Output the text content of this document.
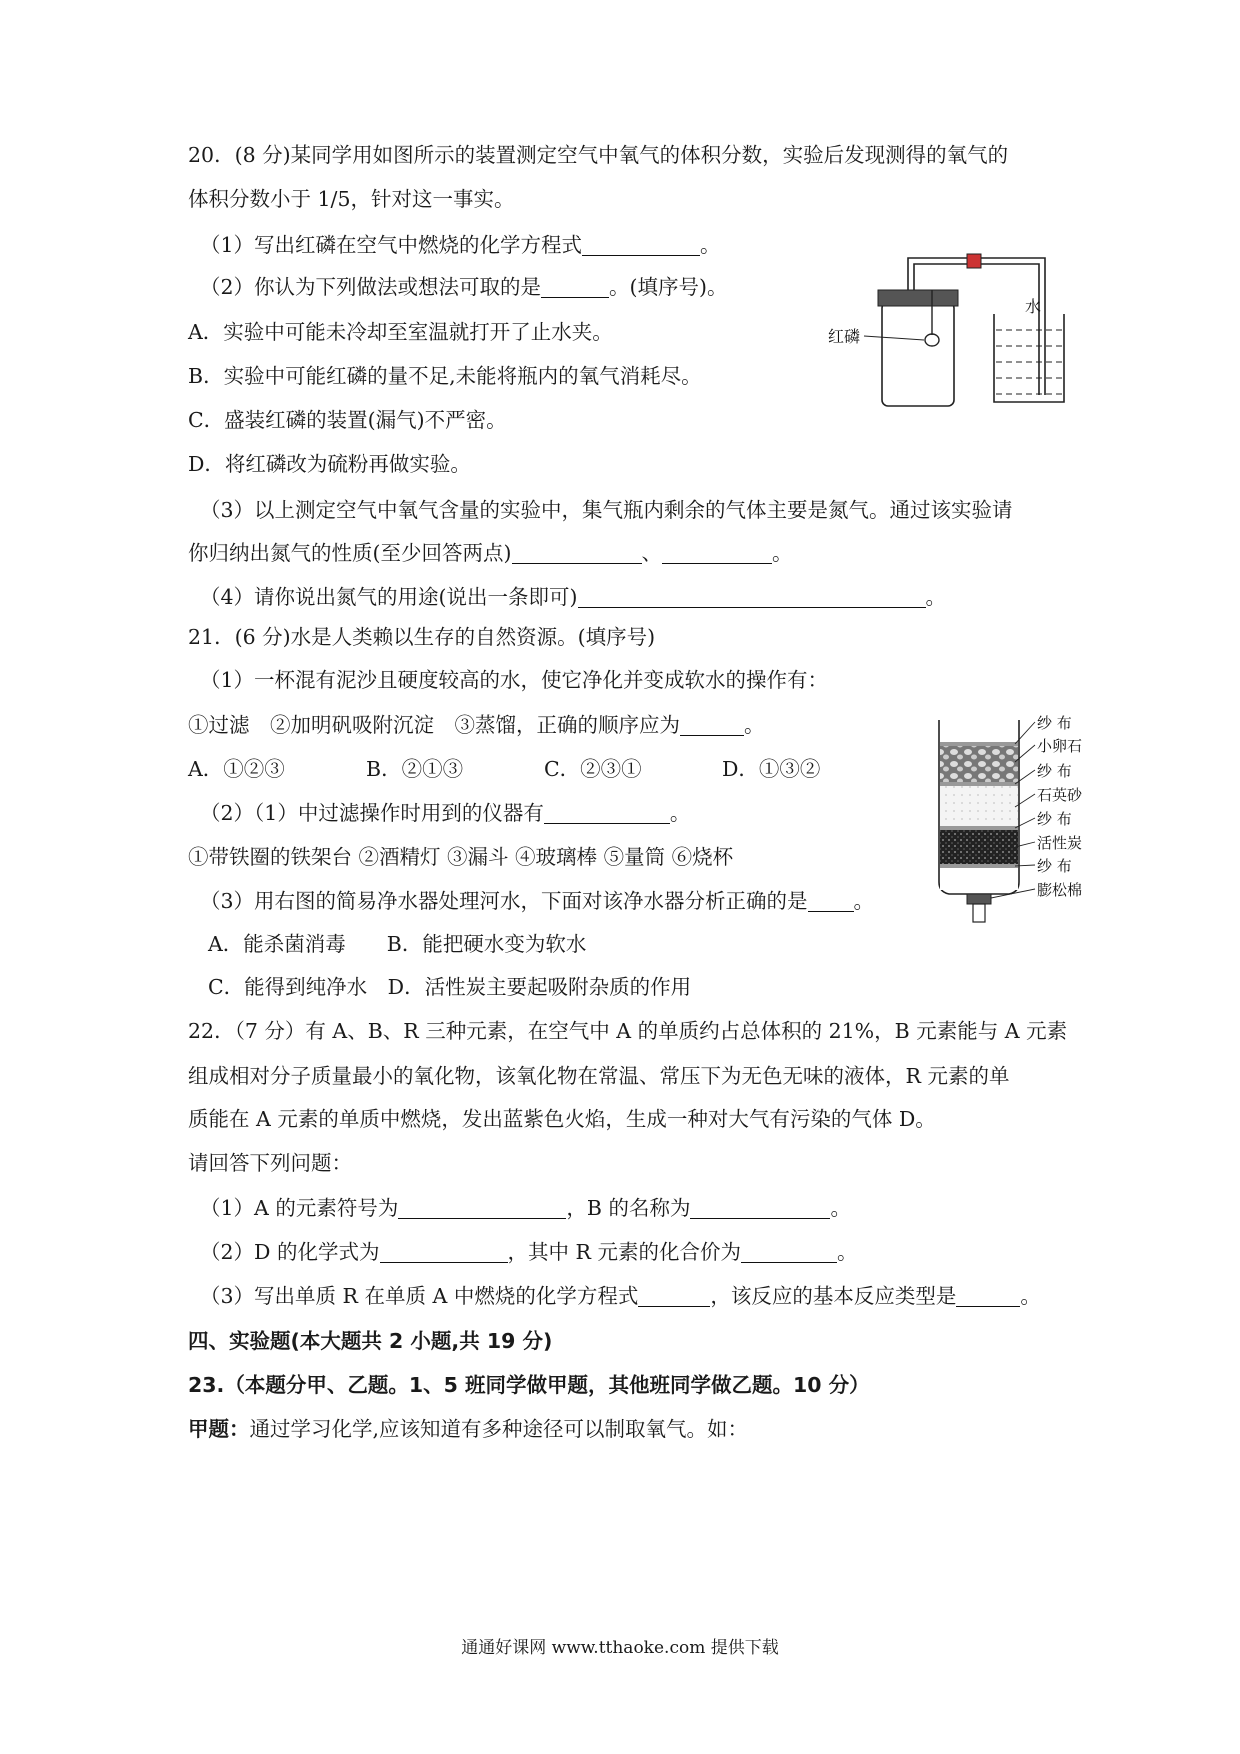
20．(8 分)某同学用如图所示的装置测定空气中氧气的体积分数，实验后发现测得的氧气的
体积分数小于 1/5，针对这一事实。
（1）写出红磷在空气中燃烧的化学方程式	。
（2）你认为下列做法或想法可取的是	。(填序号)。
A．实验中可能未冷却至室温就打开了止水夹。
B．实验中可能红磷的量不足,未能将瓶内的氧气消耗尽。
C．盛装红磷的装置(漏气)不严密。
D．将红磷改为硫粉再做实验。
（3）以上测定空气中氧气含量的实验中，集气瓶内剩余的气体主要是氮气。通过该实验请
你归纳出氮气的性质(至少回答两点)	、	。
（4）请你说出氮气的用途(说出一条即可)	。
红磷
水
21．(6 分)水是人类赖以生存的自然资源。(填序号)
（1）一杯混有泥沙且硬度较高的水，使它净化并变成软水的操作有：
①过滤　②加明矾吸附沉淀　③蒸馏，正确的顺序应为	。
A．①②③	B．②①③	C．②③①	D．①③②
（2）（1）中过滤操作时用到的仪器有	。
①带铁圈的铁架台 ②酒精灯 ③漏斗 ④玻璃棒 ⑤量筒 ⑥烧杯
（3）用右图的简易净水器处理河水，下面对该净水器分析正确的是 。
A．能杀菌消毒　　B．能把硬水变为软水
C．能得到纯净水　D．活性炭主要起吸附杂质的作用
纱 布
小卵石
纱 布
石英砂
纱 布
活性炭
纱 布
膨松棉
22．（7 分）有 A、B、R 三种元素，在空气中 A 的单质约占总体积的 21%，B 元素能与 A 元素
组成相对分子质量最小的氧化物，该氧化物在常温、常压下为无色无味的液体，R 元素的单
质能在 A 元素的单质中燃烧，发出蓝紫色火焰，生成一种对大气有污染的气体 D。
请回答下列问题：
（1）A 的元素符号为	，B 的名称为	。
（2）D 的化学式为	，其中 R 元素的化合价为	。
（3）写出单质 R 在单质 A 中燃烧的化学方程式	，该反应的基本反应类型是	。
四、实验题(本大题共 2 小题,共 19 分)
23.（本题分甲、乙题。1、5 班同学做甲题，其他班同学做乙题。10 分）
甲题：通过学习化学,应该知道有多种途径可以制取氧气。如：
通通好课网 www.tthaoke.com 提供下载
